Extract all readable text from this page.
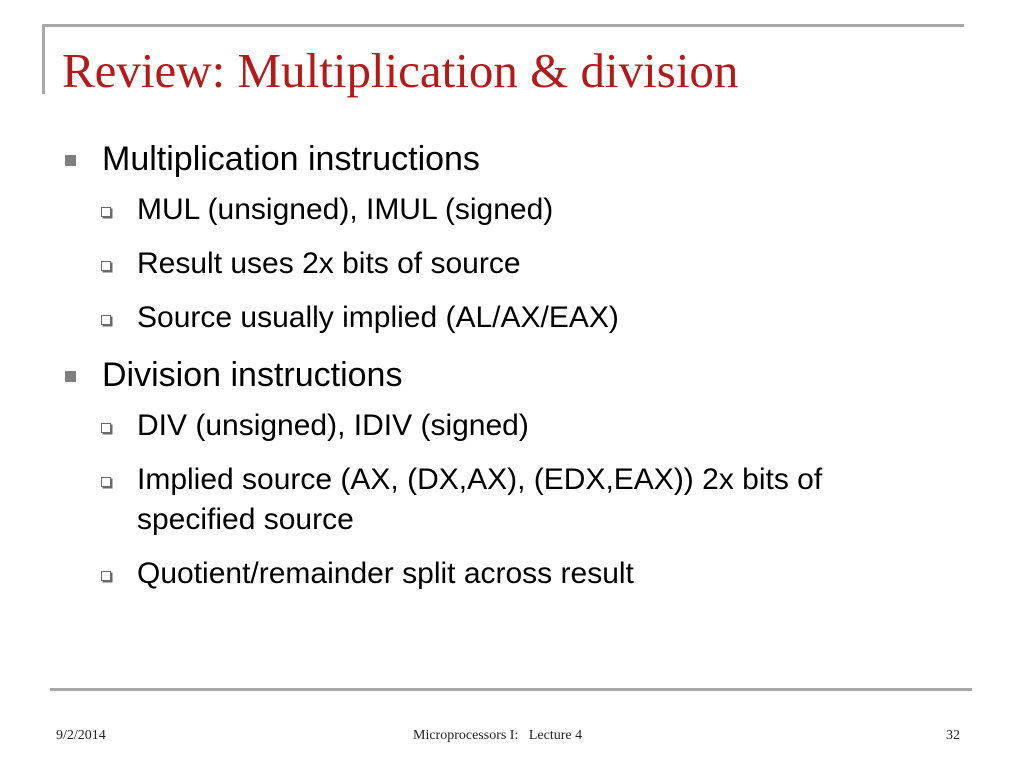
Review: Multiplication & division
Multiplication instructions
MUL (unsigned), IMUL (signed)
Result uses 2x bits of source
Source usually implied (AL/AX/EAX)
Division instructions
DIV (unsigned), IDIV (signed)
Implied source (AX, (DX,AX), (EDX,EAX)) 2x bits of specified source
Quotient/remainder split across result
9/2/2014	Microprocessors I:   Lecture 4	32
